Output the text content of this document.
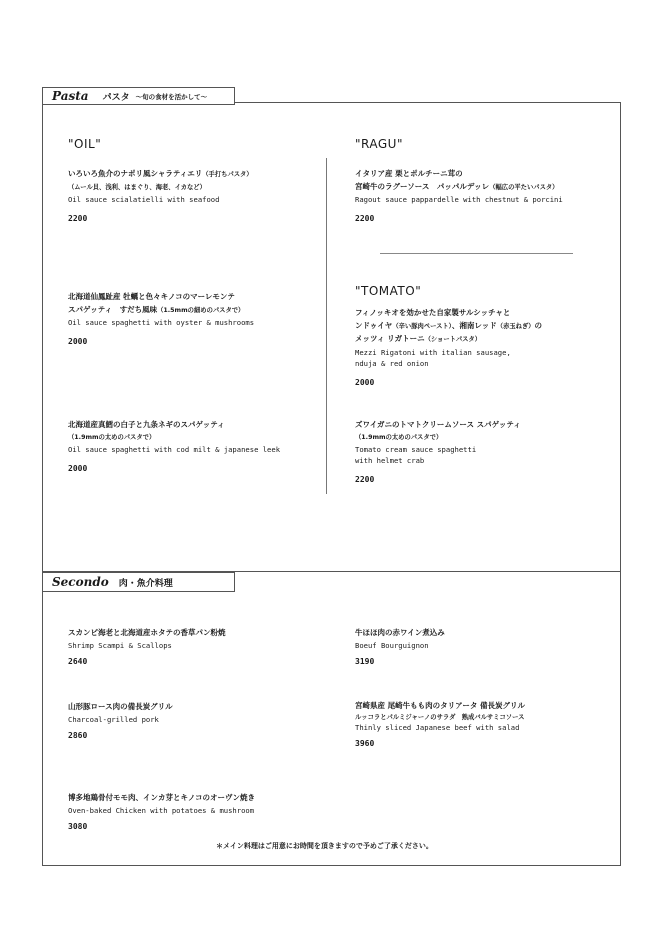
Pasta パスタ 〜旬の食材を活かして〜
"OIL"	"RAGU"
"TOMATO"
いろいろ魚介のナポリ風シャラティエリ（手打ちパスタ）
（ムール貝、浅利、はまぐり、海老、イカなど）
Oil sauce scialatielli with seafood
2200
北海道仙鳳趾産 牡蠣と色々キノコのマーレモンテ
スパゲッティ　すだち風味（1.5mmの細めのパスタで）
Oil sauce spaghetti with oyster & mushrooms
2000
北海道産真鱈の白子と九条ネギのスパゲッティ
（1.9mmの太めのパスタで）
Oil sauce spaghetti with cod milt & japanese leek
2000
イタリア産 栗とポルチーニ茸の
宮崎牛のラグーソース　パッパルデッレ（幅広の平たいパスタ）
Ragout sauce pappardelle with chestnut & porcini
2200
フィノッキオを効かせた自家製サルシッチャと
ンドゥイヤ（辛い豚肉ペースト）、湘南レッド（赤玉ねぎ）の
メッツィ リガトーニ（ショートパスタ）
Mezzi Rigatoni with italian sausage,
nduja & red onion
2000
ズワイガニのトマトクリームソース スパゲッティ
（1.9mmの太めのパスタで）
Tomato cream sauce spaghetti
with helmet crab
2200
Secondo 肉・魚介料理
スカンピ海老と北海道産ホタテの香草パン粉焼
Shrimp Scampi & Scallops
2640
牛ほほ肉の赤ワイン煮込み
Boeuf Bourguignon
3190
山形豚ロース肉の備長炭グリル
Charcoal-grilled pork
2860
宮崎県産 尾崎牛もも肉のタリアータ 備長炭グリル
ルッコラとパルミジャーノのサラダ　熟成バルサミコソース
Thinly sliced Japanese beef with salad
3960
博多地鶏骨付モモ肉、インカ芽とキノコのオーヴン焼き
Oven-baked Chicken with potatoes & mushroom
3080
＊メイン料理はご用意にお時間を頂きますので予めご了承ください。
